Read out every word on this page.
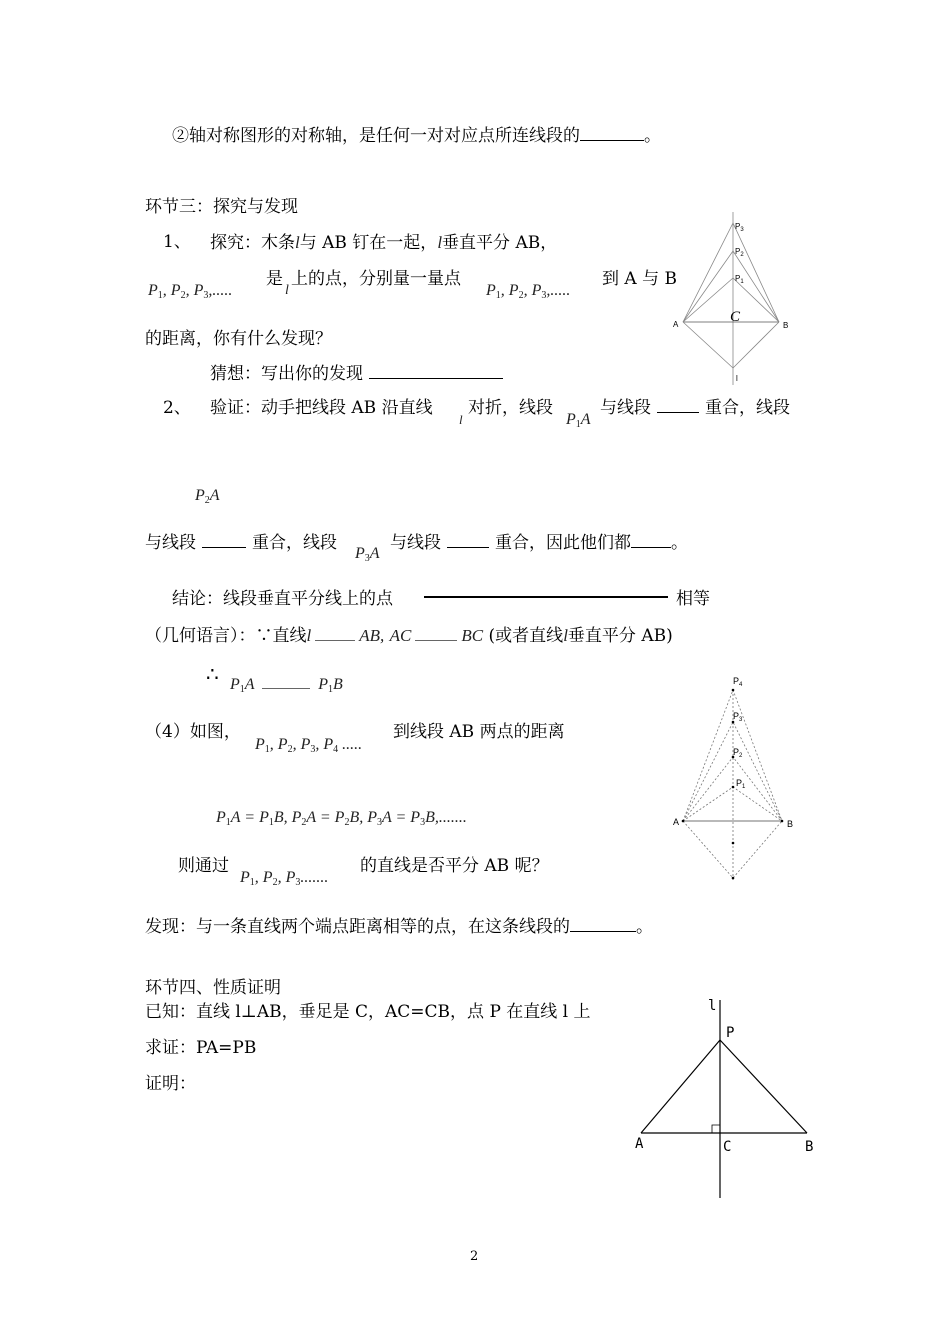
②轴对称图形的对称轴，是任何一对对应点所连线段的	。
环节三：探究与发现
1、 探究：木条l与 AB 钉在一起，l垂直平分 AB，
$P_1$, $P_2$, $P_3$,.....
是
l
上的点，分别量一量点
$P_1$, $P_2$, $P_3$,.....
到 A 与 B
的距离，你有什么发现？
猜想：写出你的发现
2、 验证：动手把线段 AB 沿直线
l
对折，线段
$P_1A$
与线段	重合，线段
$P_2A$
与线段	重合，线段
$P_3A$
与线段	重合，因此他们都 。
结论：线段垂直平分线上的点	相等
（几何语言）：∵直线l	AB, AC	BC (或者直线l垂直平分 AB)
∴ $P_1A$	$P_1B$
（4）如图，
$P_1$, $P_2$, $P_3$, $P_4$ .....
到线段 AB 两点的距离
$P_1A = P_1B$, $P_2A = P_2B$, $P_3A = P_3B$,.......
则通过
$P_1$, $P_2$, $P_3$.......
的直线是否平分 AB 呢？
发现：与一条直线两个端点距离相等的点，在这条线段的	。
环节四、性质证明
已知：直线 l⊥AB，垂足是 C，AC=CB，点 P 在直线 l 上
求证：PA=PB
证明：
2
$P_3$
$P_2$
$P_1$
A	B
C
l
$P_4$
$P_3$
$P_2$
$P_1$
A	B
l
P
A	C	B
